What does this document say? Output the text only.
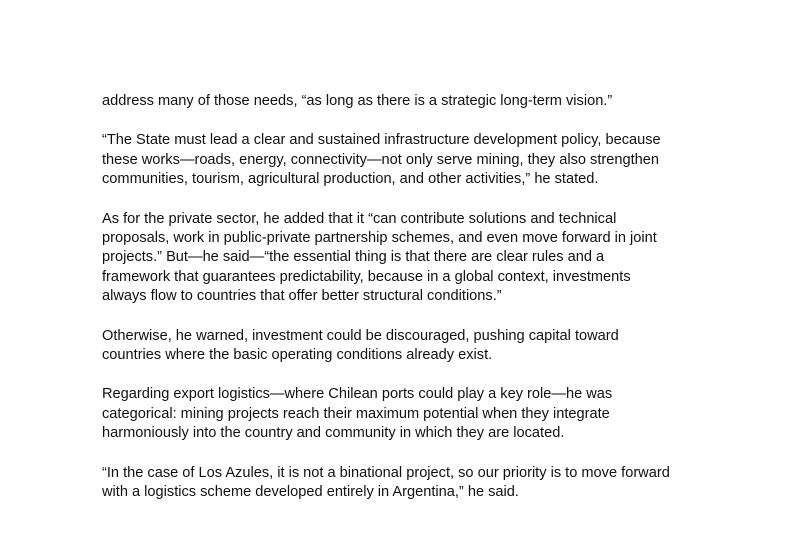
address many of those needs, “as long as there is a strategic long-term vision.”

“The State must lead a clear and sustained infrastructure development policy, because
these works—roads, energy, connectivity—not only serve mining, they also strengthen
communities, tourism, agricultural production, and other activities,” he stated.

As for the private sector, he added that it “can contribute solutions and technical
proposals, work in public-private partnership schemes, and even move forward in joint
projects.” But—he said—“the essential thing is that there are clear rules and a
framework that guarantees predictability, because in a global context, investments
always flow to countries that offer better structural conditions.”

Otherwise, he warned, investment could be discouraged, pushing capital toward
countries where the basic operating conditions already exist.

Regarding export logistics—where Chilean ports could play a key role—he was
categorical: mining projects reach their maximum potential when they integrate
harmoniously into the country and community in which they are located.

“In the case of Los Azules, it is not a binational project, so our priority is to move forward
with a logistics scheme developed entirely in Argentina,” he said.
